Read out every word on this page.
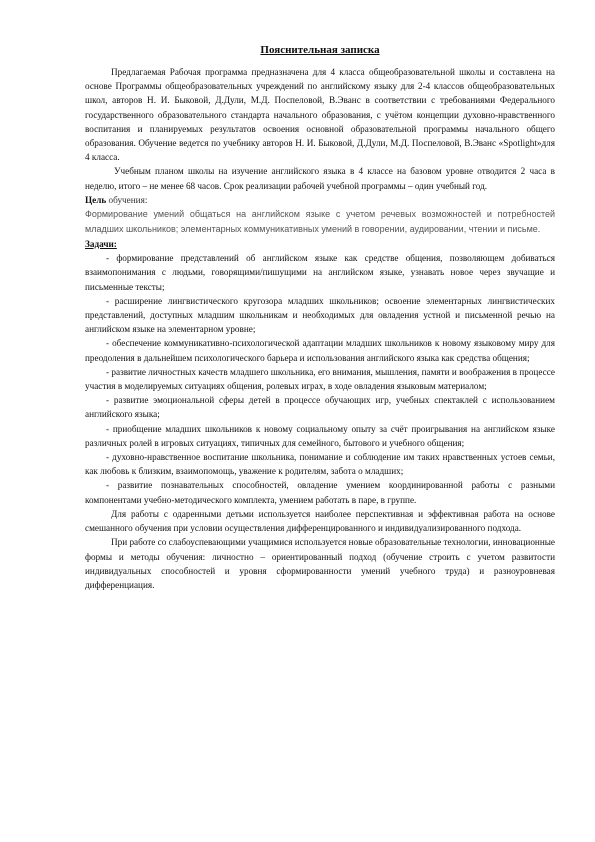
Пояснительная записка

Предлагаемая Рабочая программа предназначена для 4 класса общеобразовательной школы и составлена на основе Программы общеобразовательных учреждений по английскому языку для 2-4 классов общеобразовательных школ, авторов Н. И. Быковой, Д.Дули, М.Д. Поспеловой, В.Эванс в соответствии с требованиями Федерального государственного образовательного стандарта начального образования, с учётом концепции духовно-нравственного воспитания и планируемых результатов освоения основной образовательной программы начального общего образования. Обучение ведется по учебнику авторов Н. И. Быковой, Д.Дули, М.Д. Поспеловой, В.Эванс «Spotlight»для 4 класса.

Учебным планом школы на изучение английского языка в 4 классе на базовом уровне отводится 2 часа в неделю, итого – не менее 68 часов. Срок реализации рабочей учебной программы – один учебный год.

Цель обучения:

Формирование умений общаться на английском языке с учетом речевых возможностей и потребностей младших школьников; элементарных коммуникативных умений в говорении, аудировании, чтении и письме.

Задачи:

- формирование представлений об английском языке как средстве общения, позволяющем добиваться взаимопонимания с людьми, говорящими/пишущими на английском языке, узнавать новое через звучащие и письменные тексты;

- расширение лингвистического кругозора младших школьников; освоение элементарных лингвистических представлений, доступных младшим школьникам и необходимых для овладения устной и письменной речью на английском языке на элементарном уровне;

- обеспечение коммуникативно-психологической адаптации младших школьников к новому языковому миру для преодоления в дальнейшем психологического барьера и использования английского языка как средства общения;

- развитие личностных качеств младшего школьника, его внимания, мышления, памяти и воображения в процессе участия в моделируемых ситуациях общения, ролевых играх, в ходе овладения языковым материалом;

- развитие эмоциональной сферы детей в процессе обучающих игр, учебных спектаклей с использованием английского языка;

- приобщение младших школьников к новому социальному опыту за счёт проигрывания на английском языке различных ролей в игровых ситуациях, типичных для семейного, бытового и учебного общения;

- духовно-нравственное воспитание школьника, понимание и соблюдение им таких нравственных устоев семьи, как любовь к близким, взаимопомощь, уважение к родителям, забота о младших;

- развитие познавательных способностей, овладение умением координированной работы с разными компонентами учебно-методического комплекта, умением работать в паре, в группе.

Для работы с одаренными детьми используется наиболее перспективная и эффективная работа на основе смешанного обучения при условии осуществления дифференцированного и индивидуализированного подхода.

При работе со слабоуспевающими учащимися используется новые образовательные технологии, инновационные формы и методы обучения: личностно – ориентированный подход (обучение строить с учетом развитости индивидуальных способностей и уровня сформированности умений учебного труда) и разноуровневая дифференциация.
